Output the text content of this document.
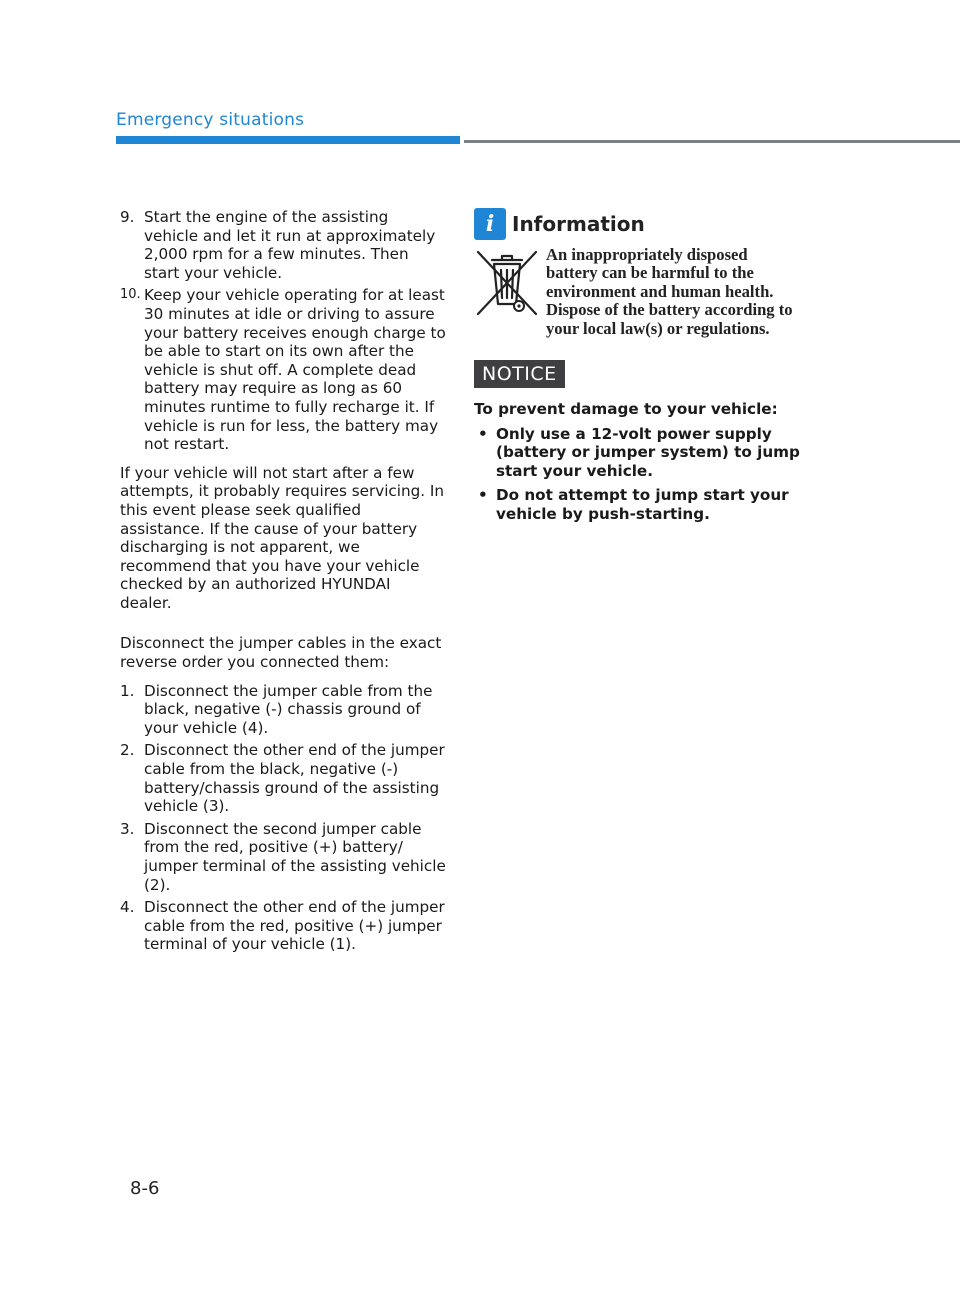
Emergency situations
9. Start the engine of the assisting vehicle and let it run at approximately 2,000 rpm for a few minutes. Then start your vehicle.
10. Keep your vehicle operating for at least 30 minutes at idle or driving to assure your battery receives enough charge to be able to start on its own after the vehicle is shut off. A complete dead battery may require as long as 60 minutes runtime to fully recharge it. If vehicle is run for less, the battery may not restart.

If your vehicle will not start after a few attempts, it probably requires servicing. In this event please seek qualified assistance. If the cause of your battery discharging is not apparent, we recommend that you have your vehicle checked by an authorized HYUNDAI dealer.

Disconnect the jumper cables in the exact reverse order you connected them:

1. Disconnect the jumper cable from the black, negative (-) chassis ground of your vehicle (4).
2. Disconnect the other end of the jumper cable from the black, negative (-) battery/chassis ground of the assisting vehicle (3).
3. Disconnect the second jumper cable from the red, positive (+) battery/ jumper terminal of the assisting vehicle (2).
4. Disconnect the other end of the jumper cable from the red, positive (+) jumper terminal of your vehicle (1).
i Information
An inappropriately disposed battery can be harmful to the environment and human health. Dispose of the battery according to your local law(s) or regulations.
NOTICE

To prevent damage to your vehicle:

• Only use a 12-volt power supply (battery or jumper system) to jump start your vehicle.
• Do not attempt to jump start your vehicle by push-starting.
8-6
